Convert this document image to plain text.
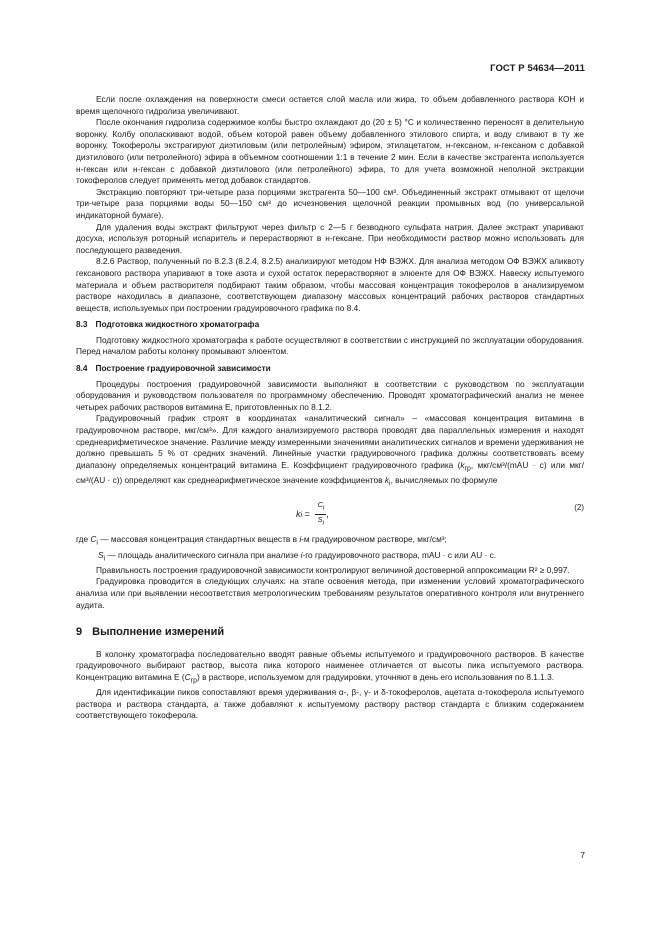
ГОСТ Р 54634—2011

Если после охлаждения на поверхности смеси остается слой масла или жира, то объем добавленного раствора КОН и время щелочного гидролиза увеличивают.

После окончания гидролиза содержимое колбы быстро охлаждают до (20 ± 5) °С и количественно переносят в делительную воронку. Колбу ополаскивают водой, объем которой равен объему добавленного этилового спирта, и воду сливают в ту же воронку. Токоферолы экстрагируют диэтиловым (или петролейным) эфиром, этилацетатом, н-гексаном, н-гексаном с добавкой диэтилового (или петролейного) эфира в объемном соотношении 1:1 в течение 2 мин. Если в качестве экстрагента используется н-гексан или н-гексан с добавкой диэтилового (или петролейного) эфира, то для учета возможной неполной экстракции токоферолов следует применять метод добавок стандартов.

Экстракцию повторяют три-четыре раза порциями экстрагента 50—100 см³. Объединенный экстракт отмывают от щелочи три-четыре раза порциями воды 50—150 см³ до исчезновения щелочной реакции промывных вод (по универсальной индикаторной бумаге).

Для удаления воды экстракт фильтруют через фильтр с 2—5 г безводного сульфата натрия. Далее экстракт упаривают досуха, используя роторный испаритель и перерастворяют в н-гексане. При необходимости раствор можно использовать для последующего разведения.

8.2.6 Раствор, полученный по 8.2.3 (8.2.4, 8.2.5) анализируют методом НФ ВЭЖХ. Для анализа методом ОФ ВЭЖХ аликвоту гексанового раствора упаривают в токе азота и сухой остаток перерастворяют в элюенте для ОФ ВЭЖХ. Навеску испытуемого материала и объем растворителя подбирают таким образом, чтобы массовая концентрация токоферолов в анализируемом растворе находилась в диапазоне, соответствующем диапазону массовых концентраций рабочих растворов стандартных веществ, используемых при построении градуировочного графика по 8.4.

8.3 Подготовка жидкостного хроматографа

Подготовку жидкостного хроматографа к работе осуществляют в соответствии с инструкцией по эксплуатации оборудования. Перед началом работы колонку промывают элюентом.

8.4 Построение градуировочной зависимости

Процедуры построения градуировочной зависимости выполняют в соответствии с руководством по эксплуатации оборудования и руководством пользователя по программному обеспечению. Проводят хроматографический анализ не менее четырех рабочих растворов витамина Е, приготовленных по 8.1.2.

Градуировочный график строят в координатах «аналитический сигнал» – «массовая концентрация витамина в градуировочном растворе, мкг/см³». Для каждого анализируемого раствора проводят два параллельных измерения и находят среднеарифметическое значение. Различие между измеренными значениями аналитических сигналов и времени удерживания не должно превышать 5 % от средних значений. Линейные участки градуировочного графика должны соответствовать всему диапазону определяемых концентраций витамина Е. Коэффициент градуировочного графика ($k_{гр}$, мкг/см³/(mAU · с) или мкг/см³/(AU · с)) определяют как среднеарифметическое значение коэффициентов $k_i$, вычисляемых по формуле

k $i = \frac{C_i}{S_i}$ ,
(2)

где $C_i$ — массовая концентрация стандартных веществ в i-м градуировочном растворе, мкг/см³;

$S_i$ — площадь аналитического сигнала при анализе i-го градуировочного раствора, mAU · с или AU · с.

Правильность построения градуировочной зависимости контролируют величиной достоверной аппроксимации R² ≥ 0,997.

Градуировка проводится в следующих случаях: на этапе освоения метода, при изменении условий хроматографического анализа или при выявлении несоответствия метрологическим требованиям результатов оперативного контроля или внутреннего аудита.

9 Выполнение измерений

В колонку хроматографа последовательно вводят равные объемы испытуемого и градуировочного растворов. В качестве градуировочного выбирают раствор, высота пика которого наименее отличается от высоты пика испытуемого раствора. Концентрацию витамина Е $(С_{гр})$ в растворе, используемом для градуировки, уточняют в день его использования по 8.1.1.3.

Для идентификации пиков сопоставляют время удерживания α-, β-, γ- и δ-токоферолов, ацетата α-токоферола испытуемого раствора и раствора стандарта, а также добавляют к испытуемому раствору раствор стандарта с близким содержанием соответствующего токоферола.

7
